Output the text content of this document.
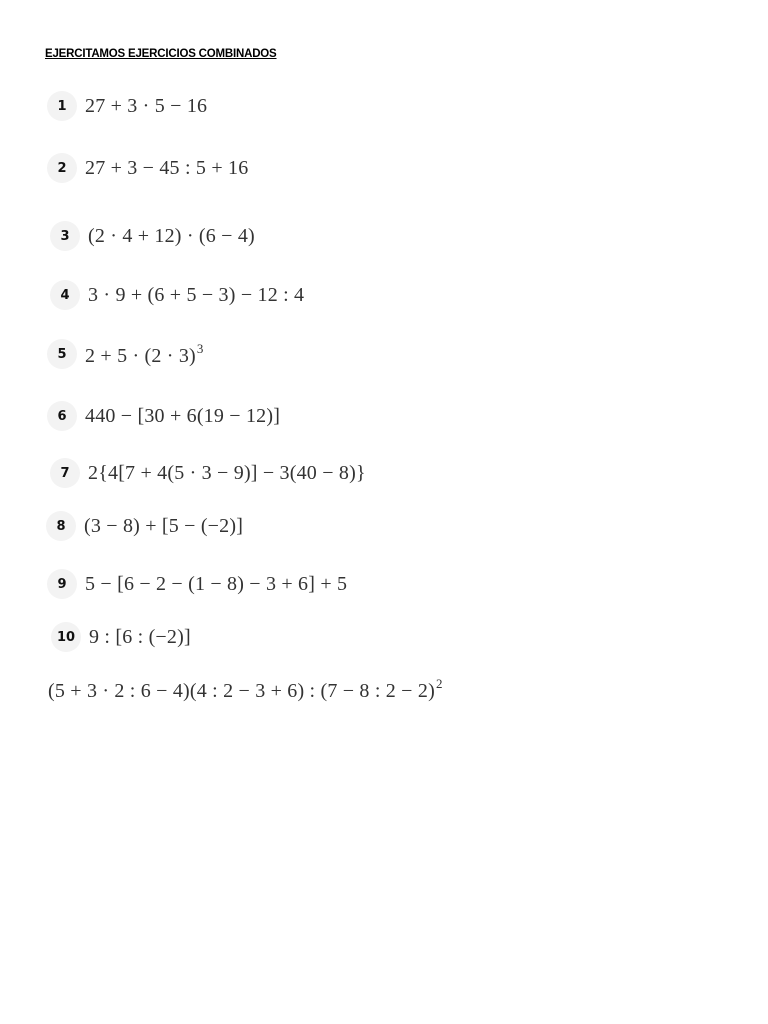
EJERCITAMOS EJERCICIOS COMBINADOS
1 27 + 3 · 5 − 16
2 27 + 3 − 45 : 5 + 16
3 (2 · 4 + 12) · (6 − 4)
4 3 · 9 + (6 + 5 − 3) − 12 : 4
5 $2 + 5 \cdot (2 \cdot 3)^3$
6 440 − [30 + 6(19 − 12)]
7 2{4[7 + 4(5 · 3 − 9)] − 3(40 − 8)}
8 (3 − 8) + [5 − (−2)]
9 5 − [6 − 2 − (1 − 8) − 3 + 6] + 5
10 9 : [6 : (−2)]
(5 + 3 · 2 : 6 − 4)(4 : 2 − 3 + 6) : (7 − 8 : 2 − 2)$^2$
